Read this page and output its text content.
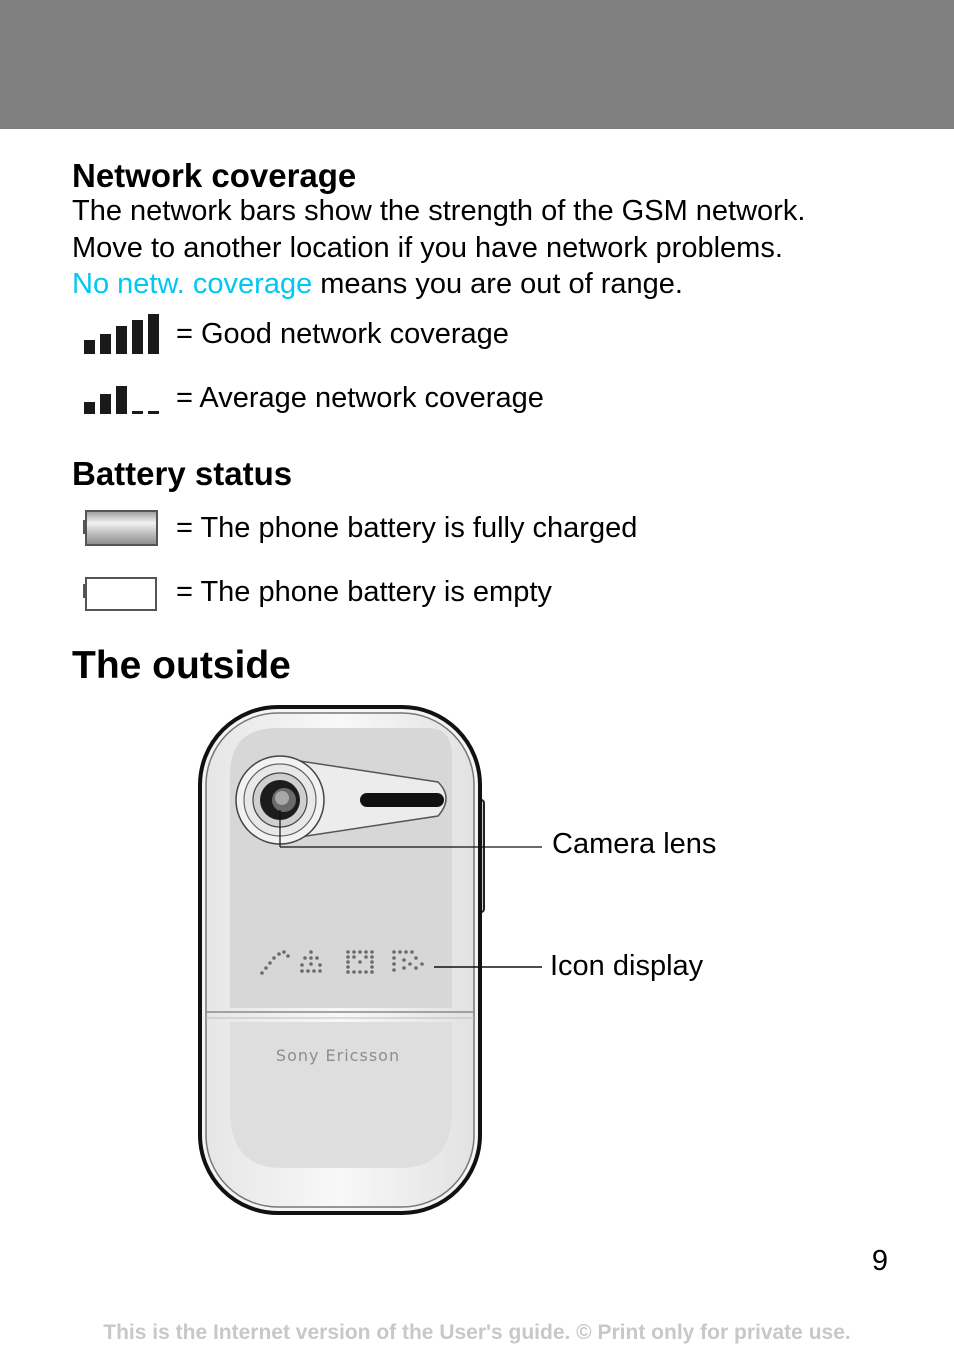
Network coverage
The network bars show the strength of the GSM network.
Move to another location if you have network problems.
No netw. coverage means you are out of range.
= Good network coverage
= Average network coverage
Battery status
= The phone battery is fully charged
= The phone battery is empty
The outside
Sony Ericsson
Camera lens
Icon display
9
This is the Internet version of the User's guide. © Print only for private use.
